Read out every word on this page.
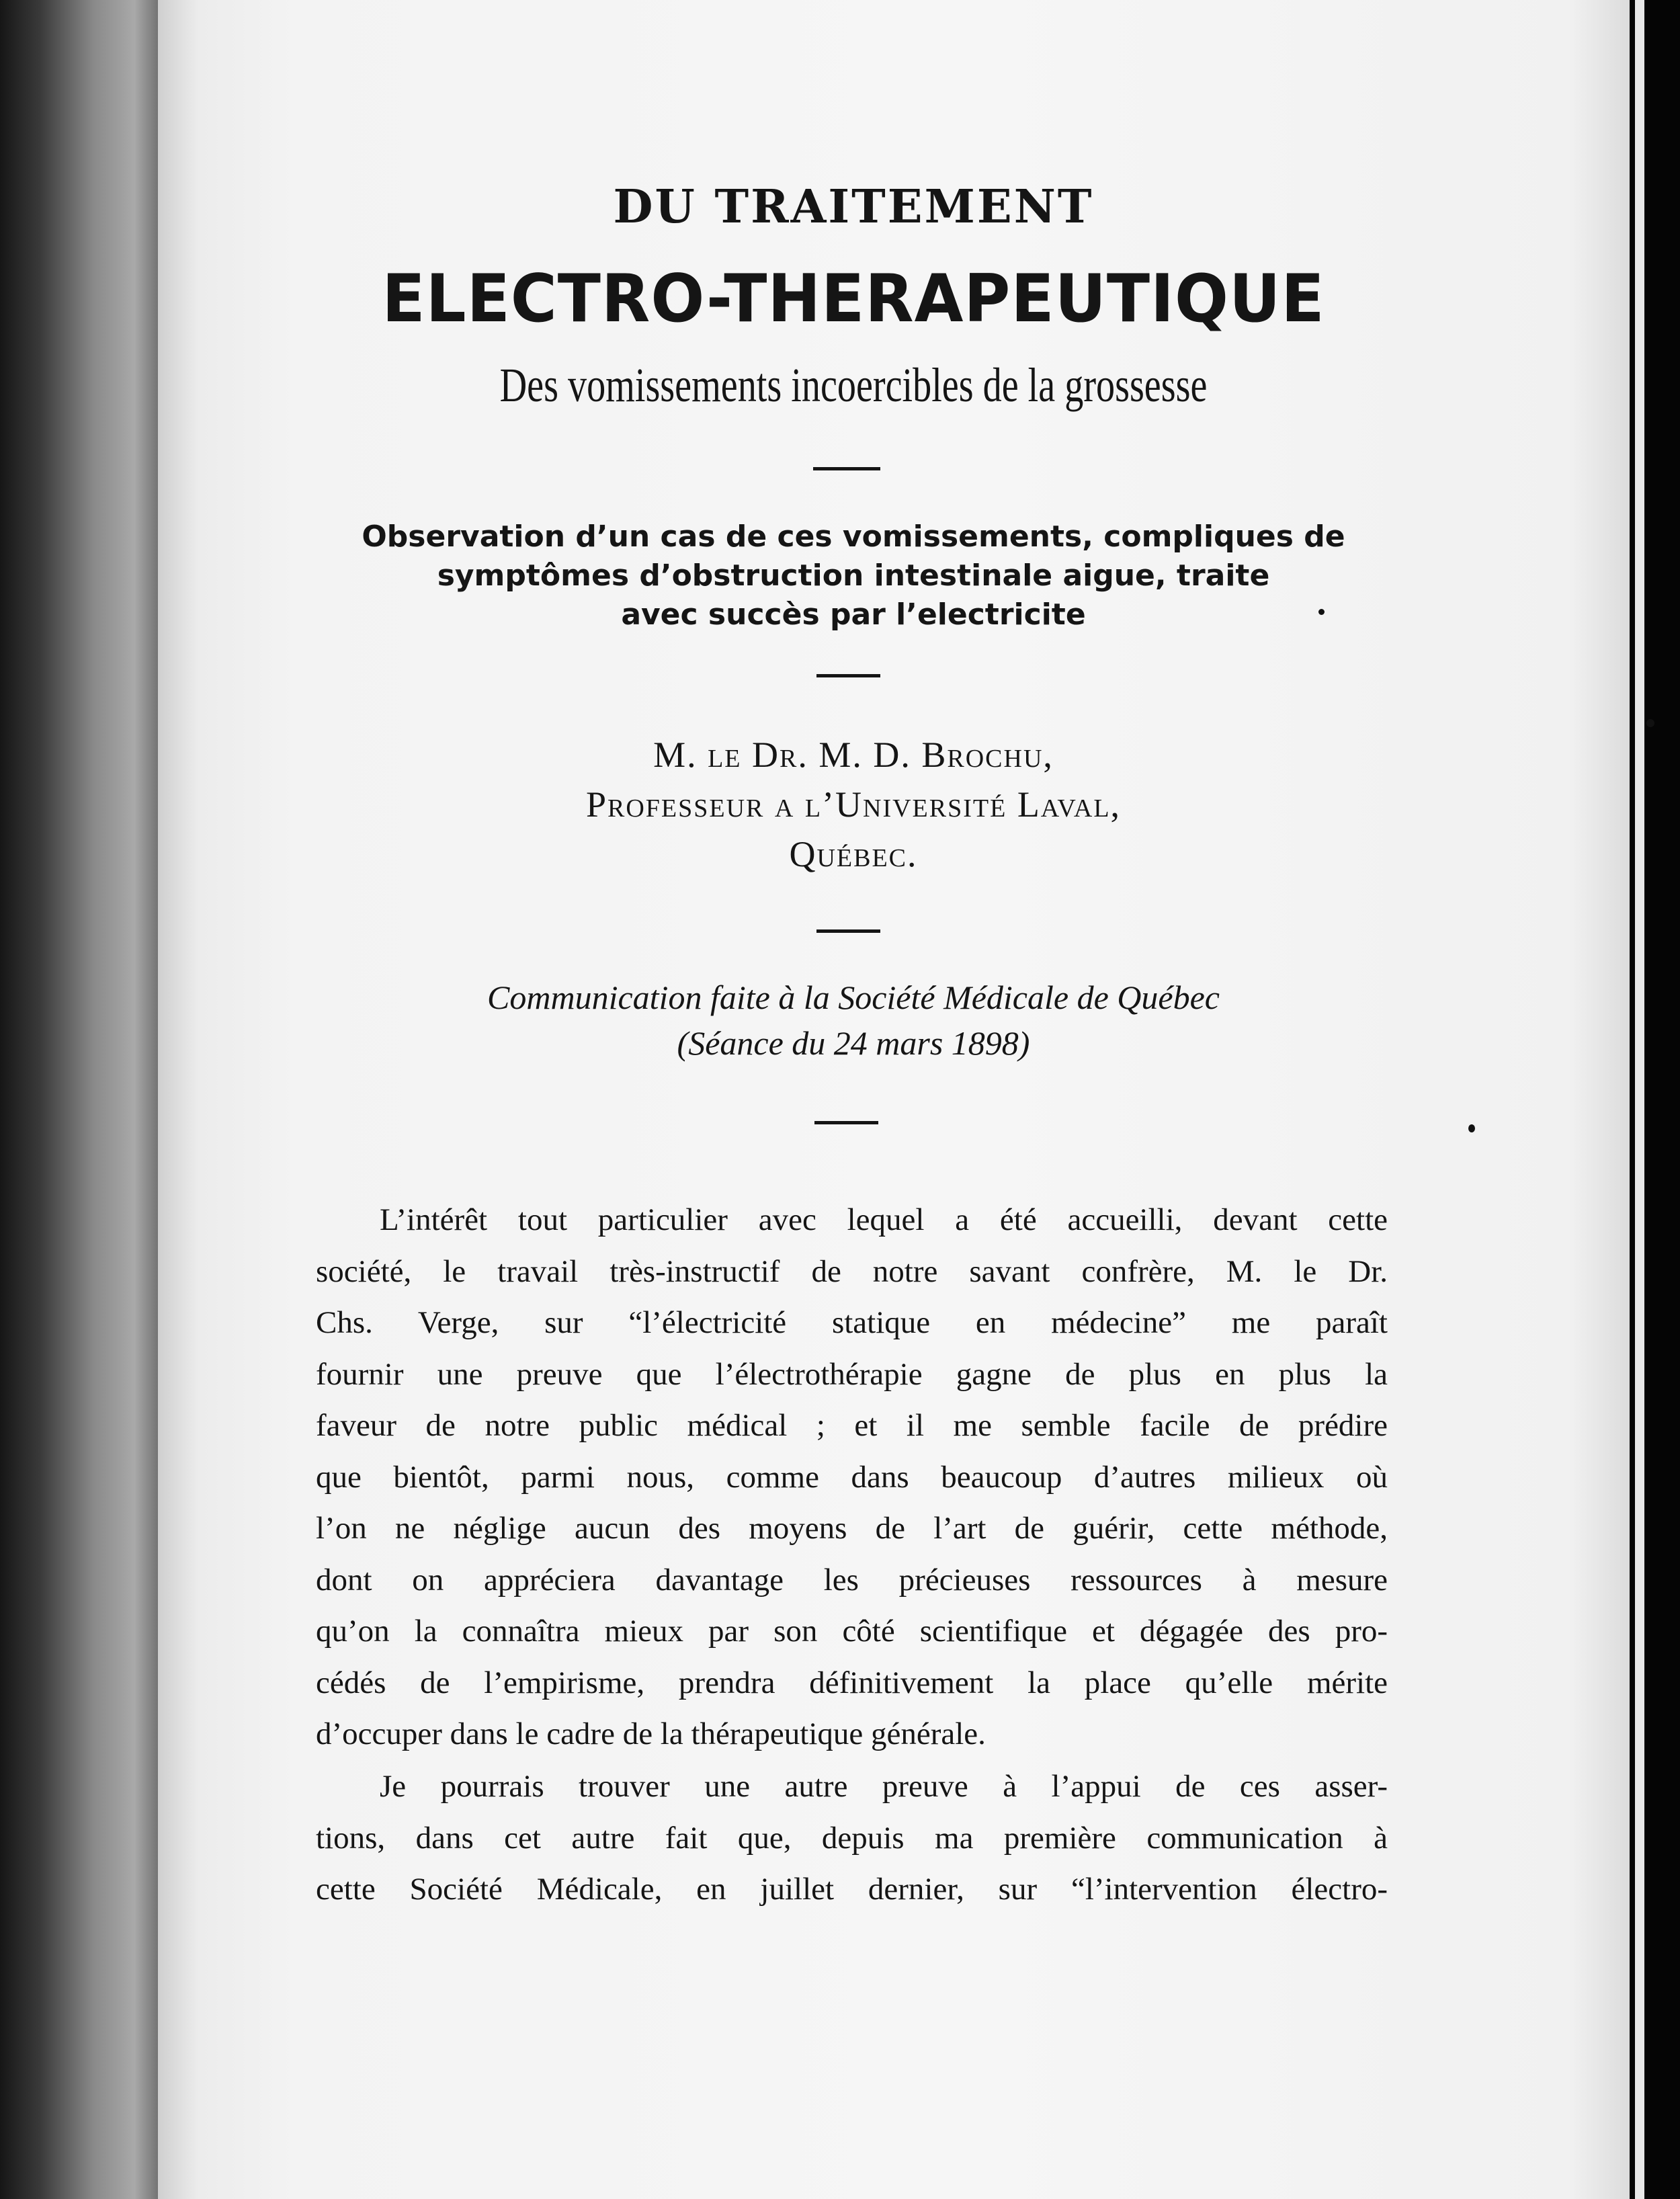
DU TRAITEMENT
ELECTRO-THERAPEUTIQUE
Des vomissements incoercibles de la grossesse
Observation d’un cas de ces vomissements, compliques de
symptômes d’obstruction intestinale aigue, traite
avec succès par l’electricite
M. le Dr. M. D. Brochu,
Professeur a l’Université Laval,
Québec.
Communication faite à la Société Médicale de Québec
(Séance du 24 mars 1898)
L’intérêt tout particulier avec lequel a été accueilli, devant cette
société, le travail très-instructif de notre savant confrère, M. le Dr.
Chs. Verge, sur “l’électricité statique en médecine” me paraît
fournir une preuve que l’électrothérapie gagne de plus en plus la
faveur de notre public médical ; et il me semble facile de prédire
que bientôt, parmi nous, comme dans beaucoup d’autres milieux où
l’on ne néglige aucun des moyens de l’art de guérir, cette méthode,
dont on appréciera davantage les précieuses ressources à mesure
qu’on la connaîtra mieux par son côté scientifique et dégagée des pro-
cédés de l’empirisme, prendra définitivement la place qu’elle mérite
d’occuper dans le cadre de la thérapeutique générale.
Je pourrais trouver une autre preuve à l’appui de ces asser-
tions, dans cet autre fait que, depuis ma première communication à
cette Société Médicale, en juillet dernier, sur “l’intervention électro-
